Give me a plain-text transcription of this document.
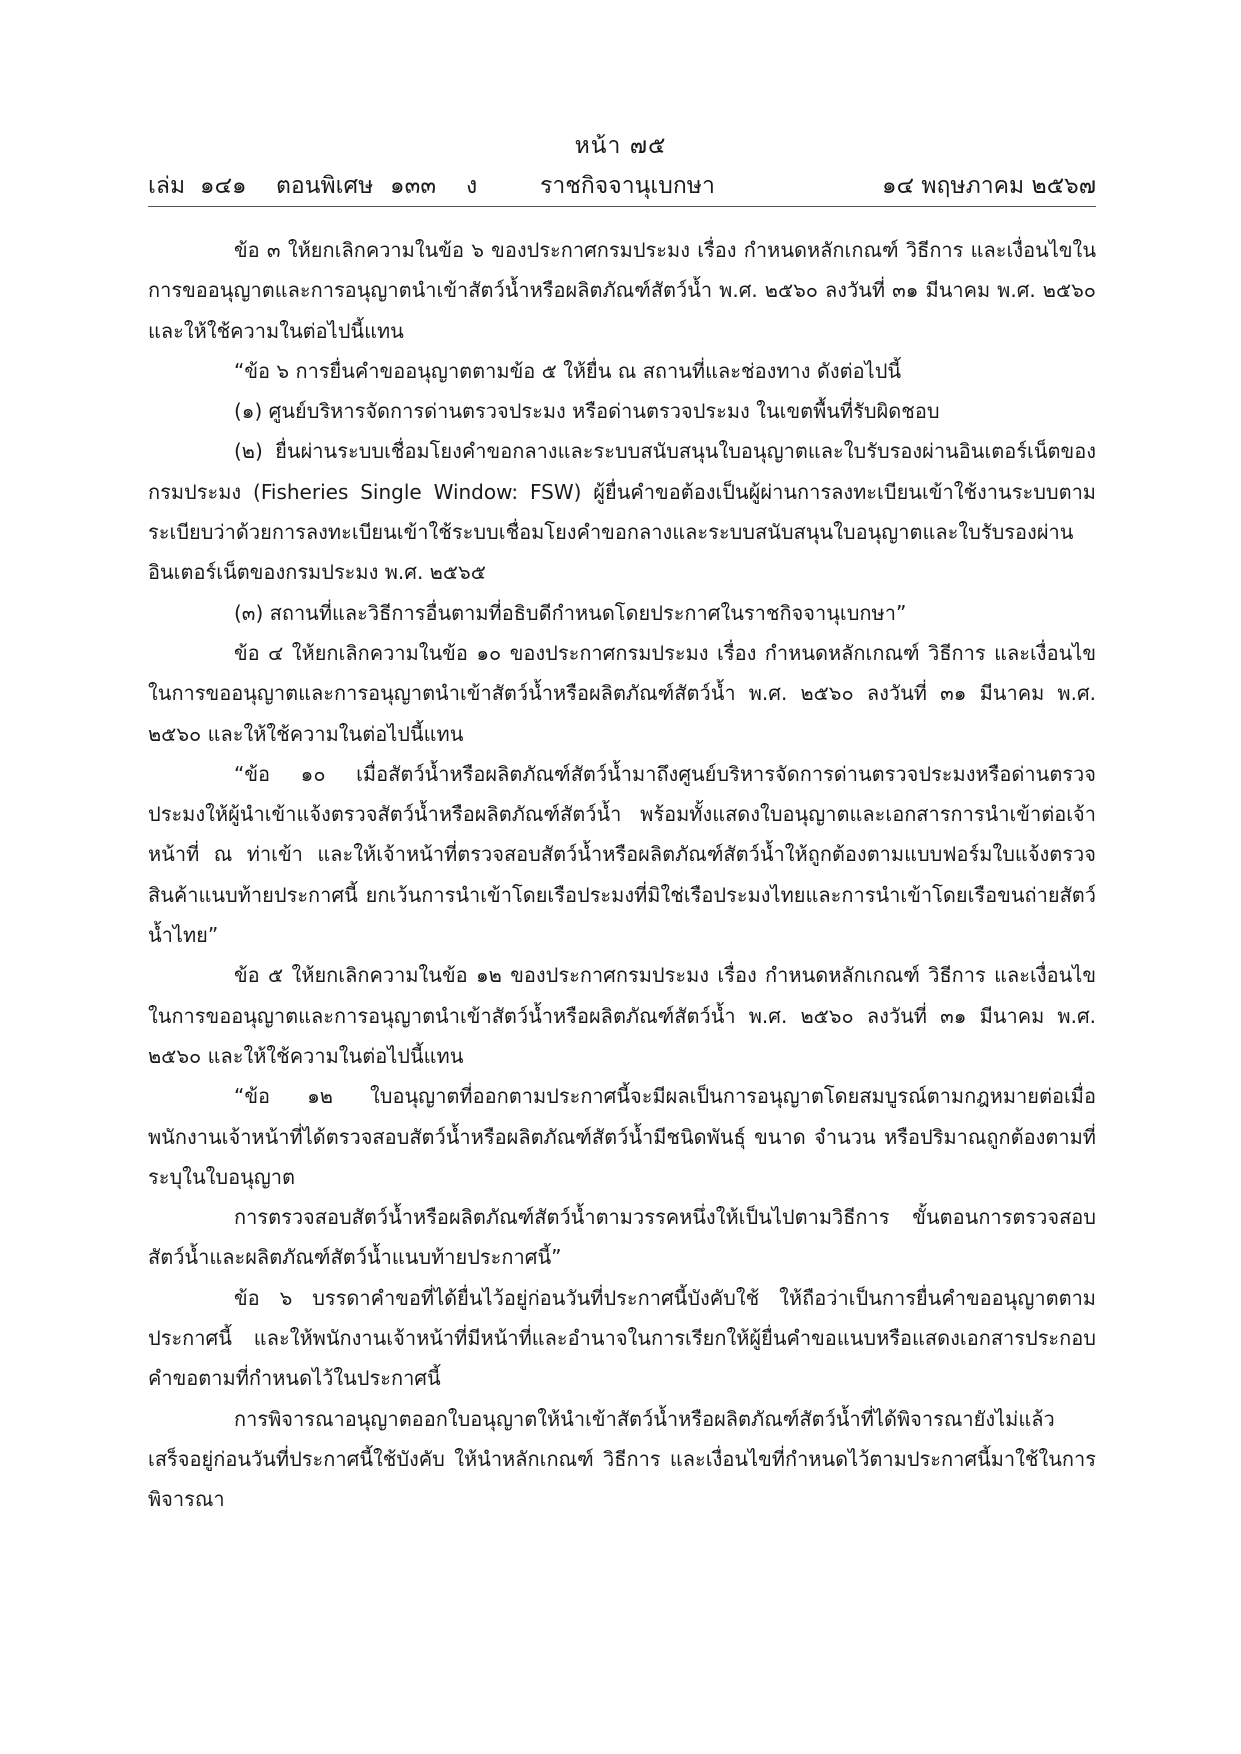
หน้า ๗๕
เล่ม ๑๔๑ ตอนพิเศษ ๑๓๓ ง	ราชกิจจานุเบกษา	๑๔ พฤษภาคม ๒๕๖๗

ข้อ ๓ ให้ยกเลิกความในข้อ ๖ ของประกาศกรมประมง เรื่อง กำหนดหลักเกณฑ์ วิธีการ และเงื่อนไขในการขออนุญาตและการอนุญาตนำเข้าสัตว์น้ำหรือผลิตภัณฑ์สัตว์น้ำ พ.ศ. ๒๕๖๐ ลงวันที่ ๓๑ มีนาคม พ.ศ. ๒๕๖๐ และให้ใช้ความในต่อไปนี้แทน

“ข้อ ๖ การยื่นคำขออนุญาตตามข้อ ๕ ให้ยื่น ณ สถานที่และช่องทาง ดังต่อไปนี้

(๑) ศูนย์บริหารจัดการด่านตรวจประมง หรือด่านตรวจประมง ในเขตพื้นที่รับผิดชอบ

(๒) ยื่นผ่านระบบเชื่อมโยงคำขอกลางและระบบสนับสนุนใบอนุญาตและใบรับรองผ่านอินเตอร์เน็ตของกรมประมง (Fisheries Single Window: FSW) ผู้ยื่นคำขอต้องเป็นผู้ผ่านการลงทะเบียนเข้าใช้งานระบบตามระเบียบว่าด้วยการลงทะเบียนเข้าใช้ระบบเชื่อมโยงคำขอกลางและระบบสนับสนุนใบอนุญาตและใบรับรองผ่านอินเตอร์เน็ตของกรมประมง พ.ศ. ๒๕๖๕

(๓) สถานที่และวิธีการอื่นตามที่อธิบดีกำหนดโดยประกาศในราชกิจจานุเบกษา”

ข้อ ๔ ให้ยกเลิกความในข้อ ๑๐ ของประกาศกรมประมง เรื่อง กำหนดหลักเกณฑ์ วิธีการ และเงื่อนไขในการขออนุญาตและการอนุญาตนำเข้าสัตว์น้ำหรือผลิตภัณฑ์สัตว์น้ำ พ.ศ. ๒๕๖๐ ลงวันที่ ๓๑ มีนาคม พ.ศ. ๒๕๖๐ และให้ใช้ความในต่อไปนี้แทน

“ข้อ ๑๐ เมื่อสัตว์น้ำหรือผลิตภัณฑ์สัตว์น้ำมาถึงศูนย์บริหารจัดการด่านตรวจประมงหรือด่านตรวจประมงให้ผู้นำเข้าแจ้งตรวจสัตว์น้ำหรือผลิตภัณฑ์สัตว์น้ำ พร้อมทั้งแสดงใบอนุญาตและเอกสารการนำเข้าต่อเจ้าหน้าที่ ณ ท่าเข้า และให้เจ้าหน้าที่ตรวจสอบสัตว์น้ำหรือผลิตภัณฑ์สัตว์น้ำให้ถูกต้องตามแบบฟอร์มใบแจ้งตรวจสินค้าแนบท้ายประกาศนี้ ยกเว้นการนำเข้าโดยเรือประมงที่มิใช่เรือประมงไทยและการนำเข้าโดยเรือขนถ่ายสัตว์น้ำไทย”

ข้อ ๕ ให้ยกเลิกความในข้อ ๑๒ ของประกาศกรมประมง เรื่อง กำหนดหลักเกณฑ์ วิธีการ และเงื่อนไขในการขออนุญาตและการอนุญาตนำเข้าสัตว์น้ำหรือผลิตภัณฑ์สัตว์น้ำ พ.ศ. ๒๕๖๐ ลงวันที่ ๓๑ มีนาคม พ.ศ. ๒๕๖๐ และให้ใช้ความในต่อไปนี้แทน

“ข้อ ๑๒ ใบอนุญาตที่ออกตามประกาศนี้จะมีผลเป็นการอนุญาตโดยสมบูรณ์ตามกฎหมายต่อเมื่อพนักงานเจ้าหน้าที่ได้ตรวจสอบสัตว์น้ำหรือผลิตภัณฑ์สัตว์น้ำมีชนิดพันธุ์ ขนาด จำนวน หรือปริมาณถูกต้องตามที่ระบุในใบอนุญาต

การตรวจสอบสัตว์น้ำหรือผลิตภัณฑ์สัตว์น้ำตามวรรคหนึ่งให้เป็นไปตามวิธีการ ขั้นตอนการตรวจสอบสัตว์น้ำและผลิตภัณฑ์สัตว์น้ำแนบท้ายประกาศนี้”

ข้อ ๖ บรรดาคำขอที่ได้ยื่นไว้อยู่ก่อนวันที่ประกาศนี้บังคับใช้ ให้ถือว่าเป็นการยื่นคำขออนุญาตตามประกาศนี้ และให้พนักงานเจ้าหน้าที่มีหน้าที่และอำนาจในการเรียกให้ผู้ยื่นคำขอแนบหรือแสดงเอกสารประกอบคำขอตามที่กำหนดไว้ในประกาศนี้

การพิจารณาอนุญาตออกใบอนุญาตให้นำเข้าสัตว์น้ำหรือผลิตภัณฑ์สัตว์น้ำที่ได้พิจารณายังไม่แล้วเสร็จอยู่ก่อนวันที่ประกาศนี้ใช้บังคับ ให้นำหลักเกณฑ์ วิธีการ และเงื่อนไขที่กำหนดไว้ตามประกาศนี้มาใช้ในการพิจารณา
